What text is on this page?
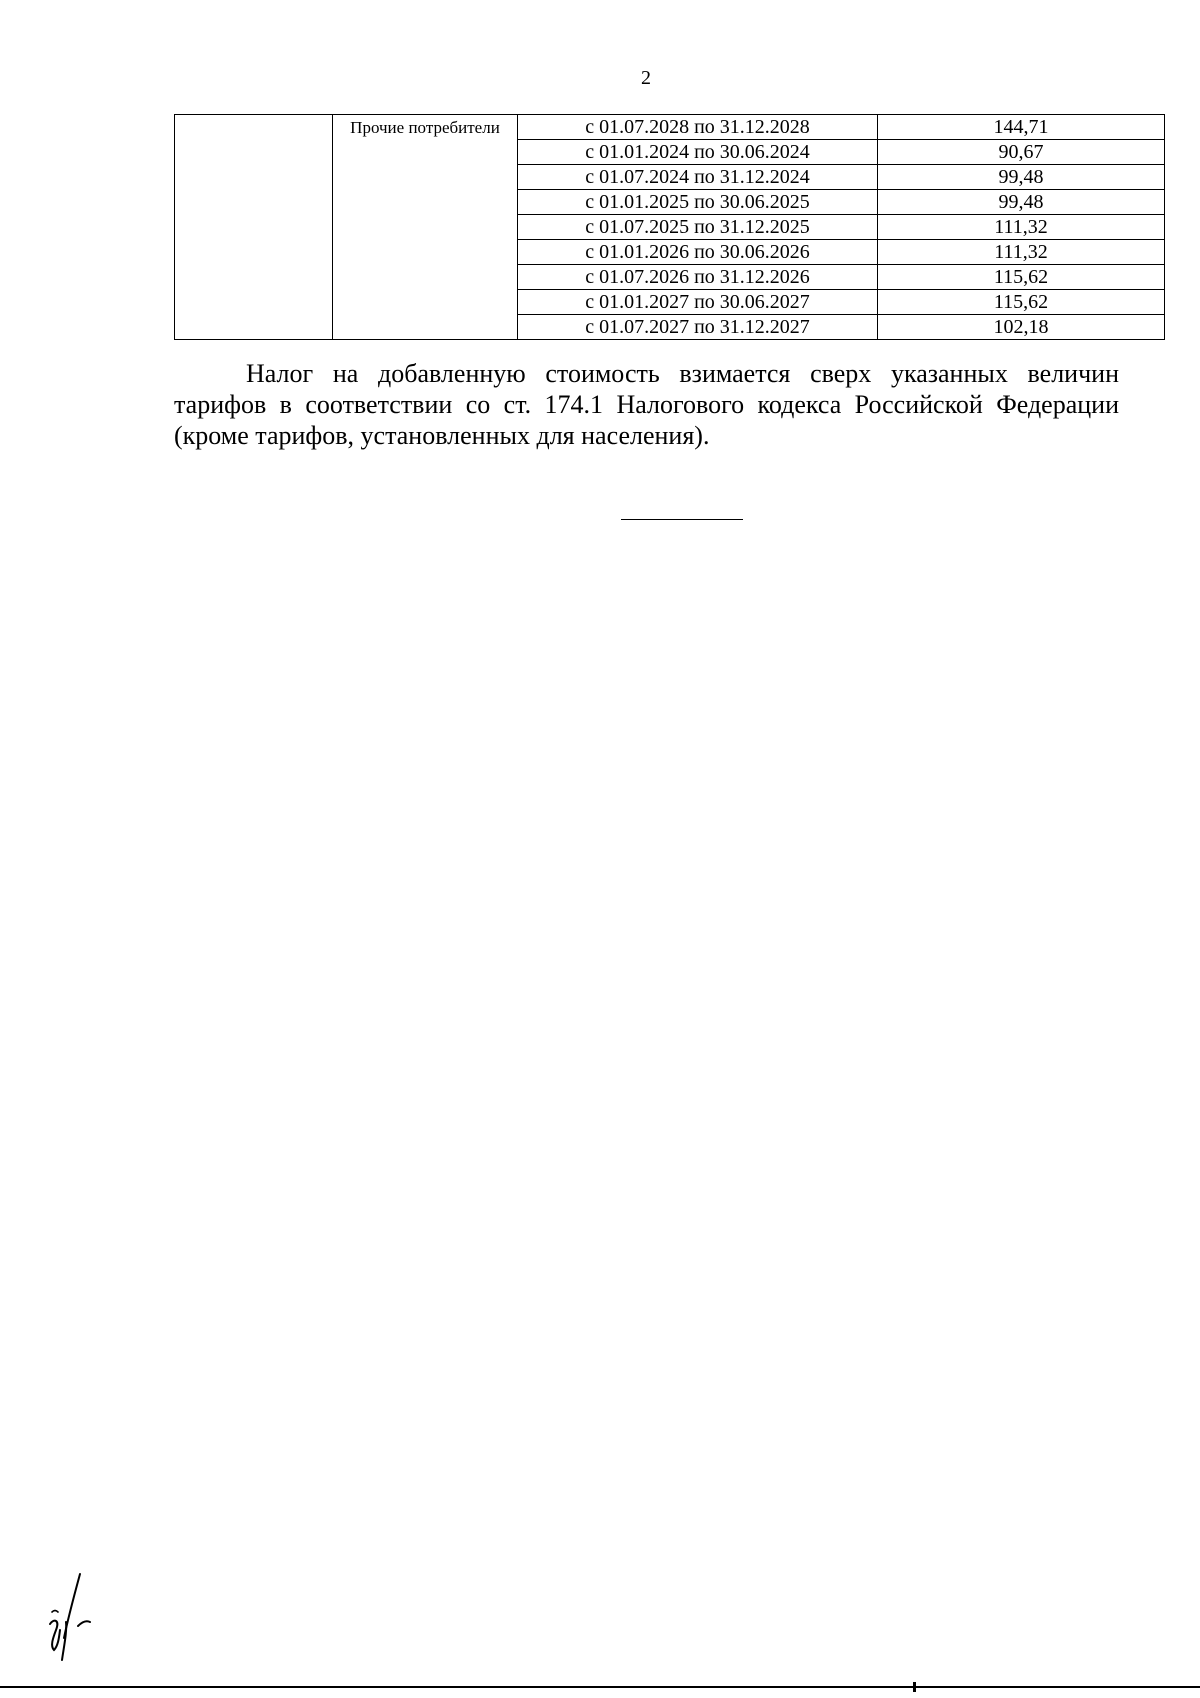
2
	Прочие потребители	с 01.07.2028 по 31.12.2028	144,71
		с 01.01.2024 по 30.06.2024	90,67
		с 01.07.2024 по 31.12.2024	99,48
		с 01.01.2025 по 30.06.2025	99,48
		с 01.07.2025 по 31.12.2025	111,32
		с 01.01.2026 по 30.06.2026	111,32
		с 01.07.2026 по 31.12.2026	115,62
		с 01.01.2027 по 30.06.2027	115,62
		с 01.07.2027 по 31.12.2027	102,18

Налог на добавленную стоимость взимается сверх указанных величин тарифов в соответствии со ст. 174.1 Налогового кодекса Российской Федерации (кроме тарифов, установленных для населения).
